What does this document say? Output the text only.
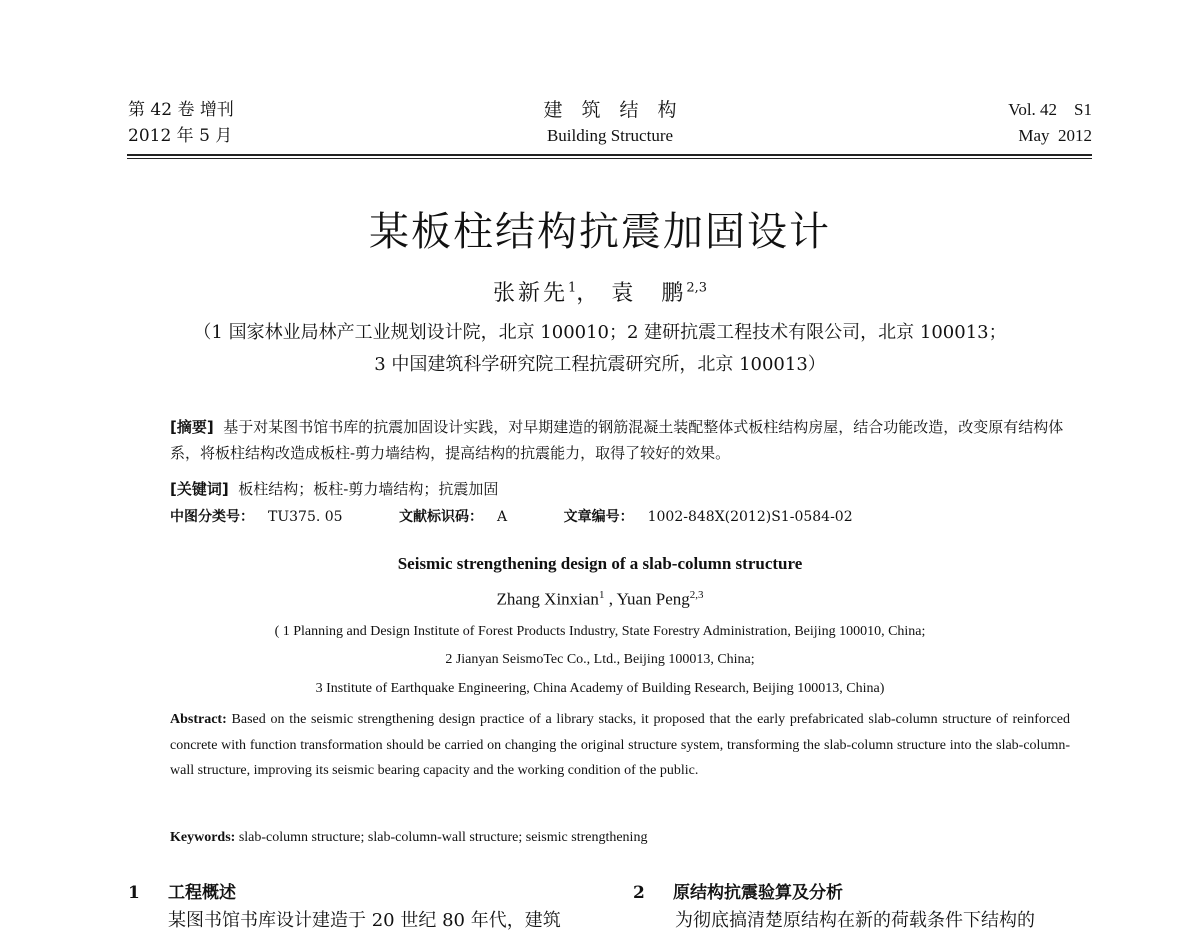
第 42 卷 增刊
2012 年 5 月
建　筑　结　构
Building Structure
Vol. 42　S1
May  2012
某板柱结构抗震加固设计
张新先$^1$， 袁　鹏$^{2,3}$
（1 国家林业局林产工业规划设计院，北京 100010；2 建研抗震工程技术有限公司，北京 100013；
3 中国建筑科学研究院工程抗震研究所，北京 100013）
[摘要] 基于对某图书馆书库的抗震加固设计实践，对早期建造的钢筋混凝土装配整体式板柱结构房屋，结合功能改造，改变原有结构体系，将板柱结构改造成板柱-剪力墙结构，提高结构的抗震能力，取得了较好的效果。
[关键词] 板柱结构；板柱-剪力墙结构；抗震加固
中图分类号： TU375. 05	文献标识码： A	文章编号： 1002-848X(2012)S1-0584-02
Seismic strengthening design of a slab-column structure
Zhang Xinxian$^1$ , Yuan Peng$^{2,3}$
( 1 Planning and Design Institute of Forest Products Industry, State Forestry Administration, Beijing 100010, China;
2 Jianyan SeismoTec Co., Ltd., Beijing 100013, China;
3 Institute of Earthquake Engineering, China Academy of Building Research, Beijing 100013, China)
Abstract: Based on the seismic strengthening design practice of a library stacks, it proposed that the early prefabricated slab-column structure of reinforced concrete with function transformation should be carried on changing the original structure system, transforming the slab-column structure into the slab-column-wall structure, improving its seismic bearing capacity and the working condition of the public.
Keywords: slab-column structure; slab-column-wall structure; seismic strengthening
1 工程概述
某图书馆书库设计建造于 20 世纪 80 年代，建筑
2 原结构抗震验算及分析
为彻底搞清楚原结构在新的荷载条件下结构的
